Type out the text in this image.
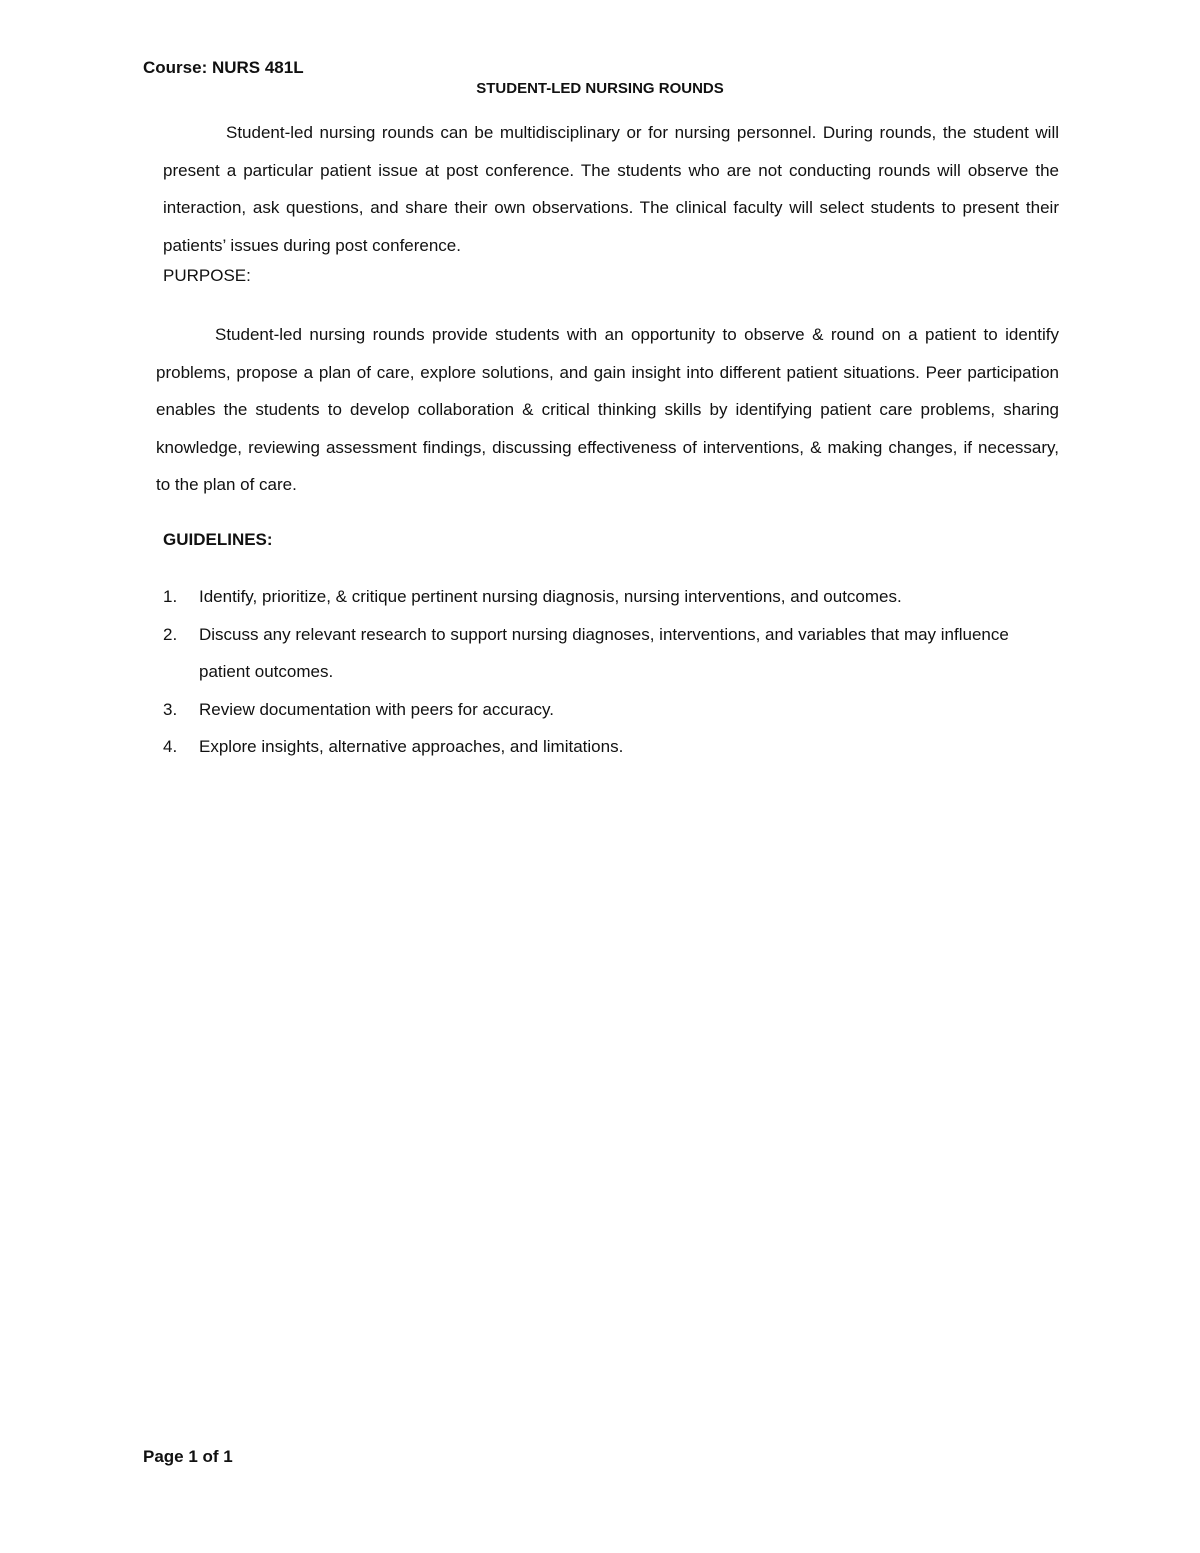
Course: NURS 481L
STUDENT-LED NURSING ROUNDS

Student-led nursing rounds can be multidisciplinary or for nursing personnel. During rounds, the student will present a particular patient issue at post conference. The students who are not conducting rounds will observe the interaction, ask questions, and share their own observations. The clinical faculty will select students to present their patients’ issues during post conference.

PURPOSE:

Student-led nursing rounds provide students with an opportunity to observe & round on a patient to identify problems, propose a plan of care, explore solutions, and gain insight into different patient situations. Peer participation enables the students to develop collaboration & critical thinking skills by identifying patient care problems, sharing knowledge, reviewing assessment findings, discussing effectiveness of interventions, & making changes, if necessary, to the plan of care.

GUIDELINES:
1. Identify, prioritize, & critique pertinent nursing diagnosis, nursing interventions, and outcomes.
2. Discuss any relevant research to support nursing diagnoses, interventions, and variables that may influence patient outcomes.
3. Review documentation with peers for accuracy.
4. Explore insights, alternative approaches, and limitations.
Page 1 of 1
